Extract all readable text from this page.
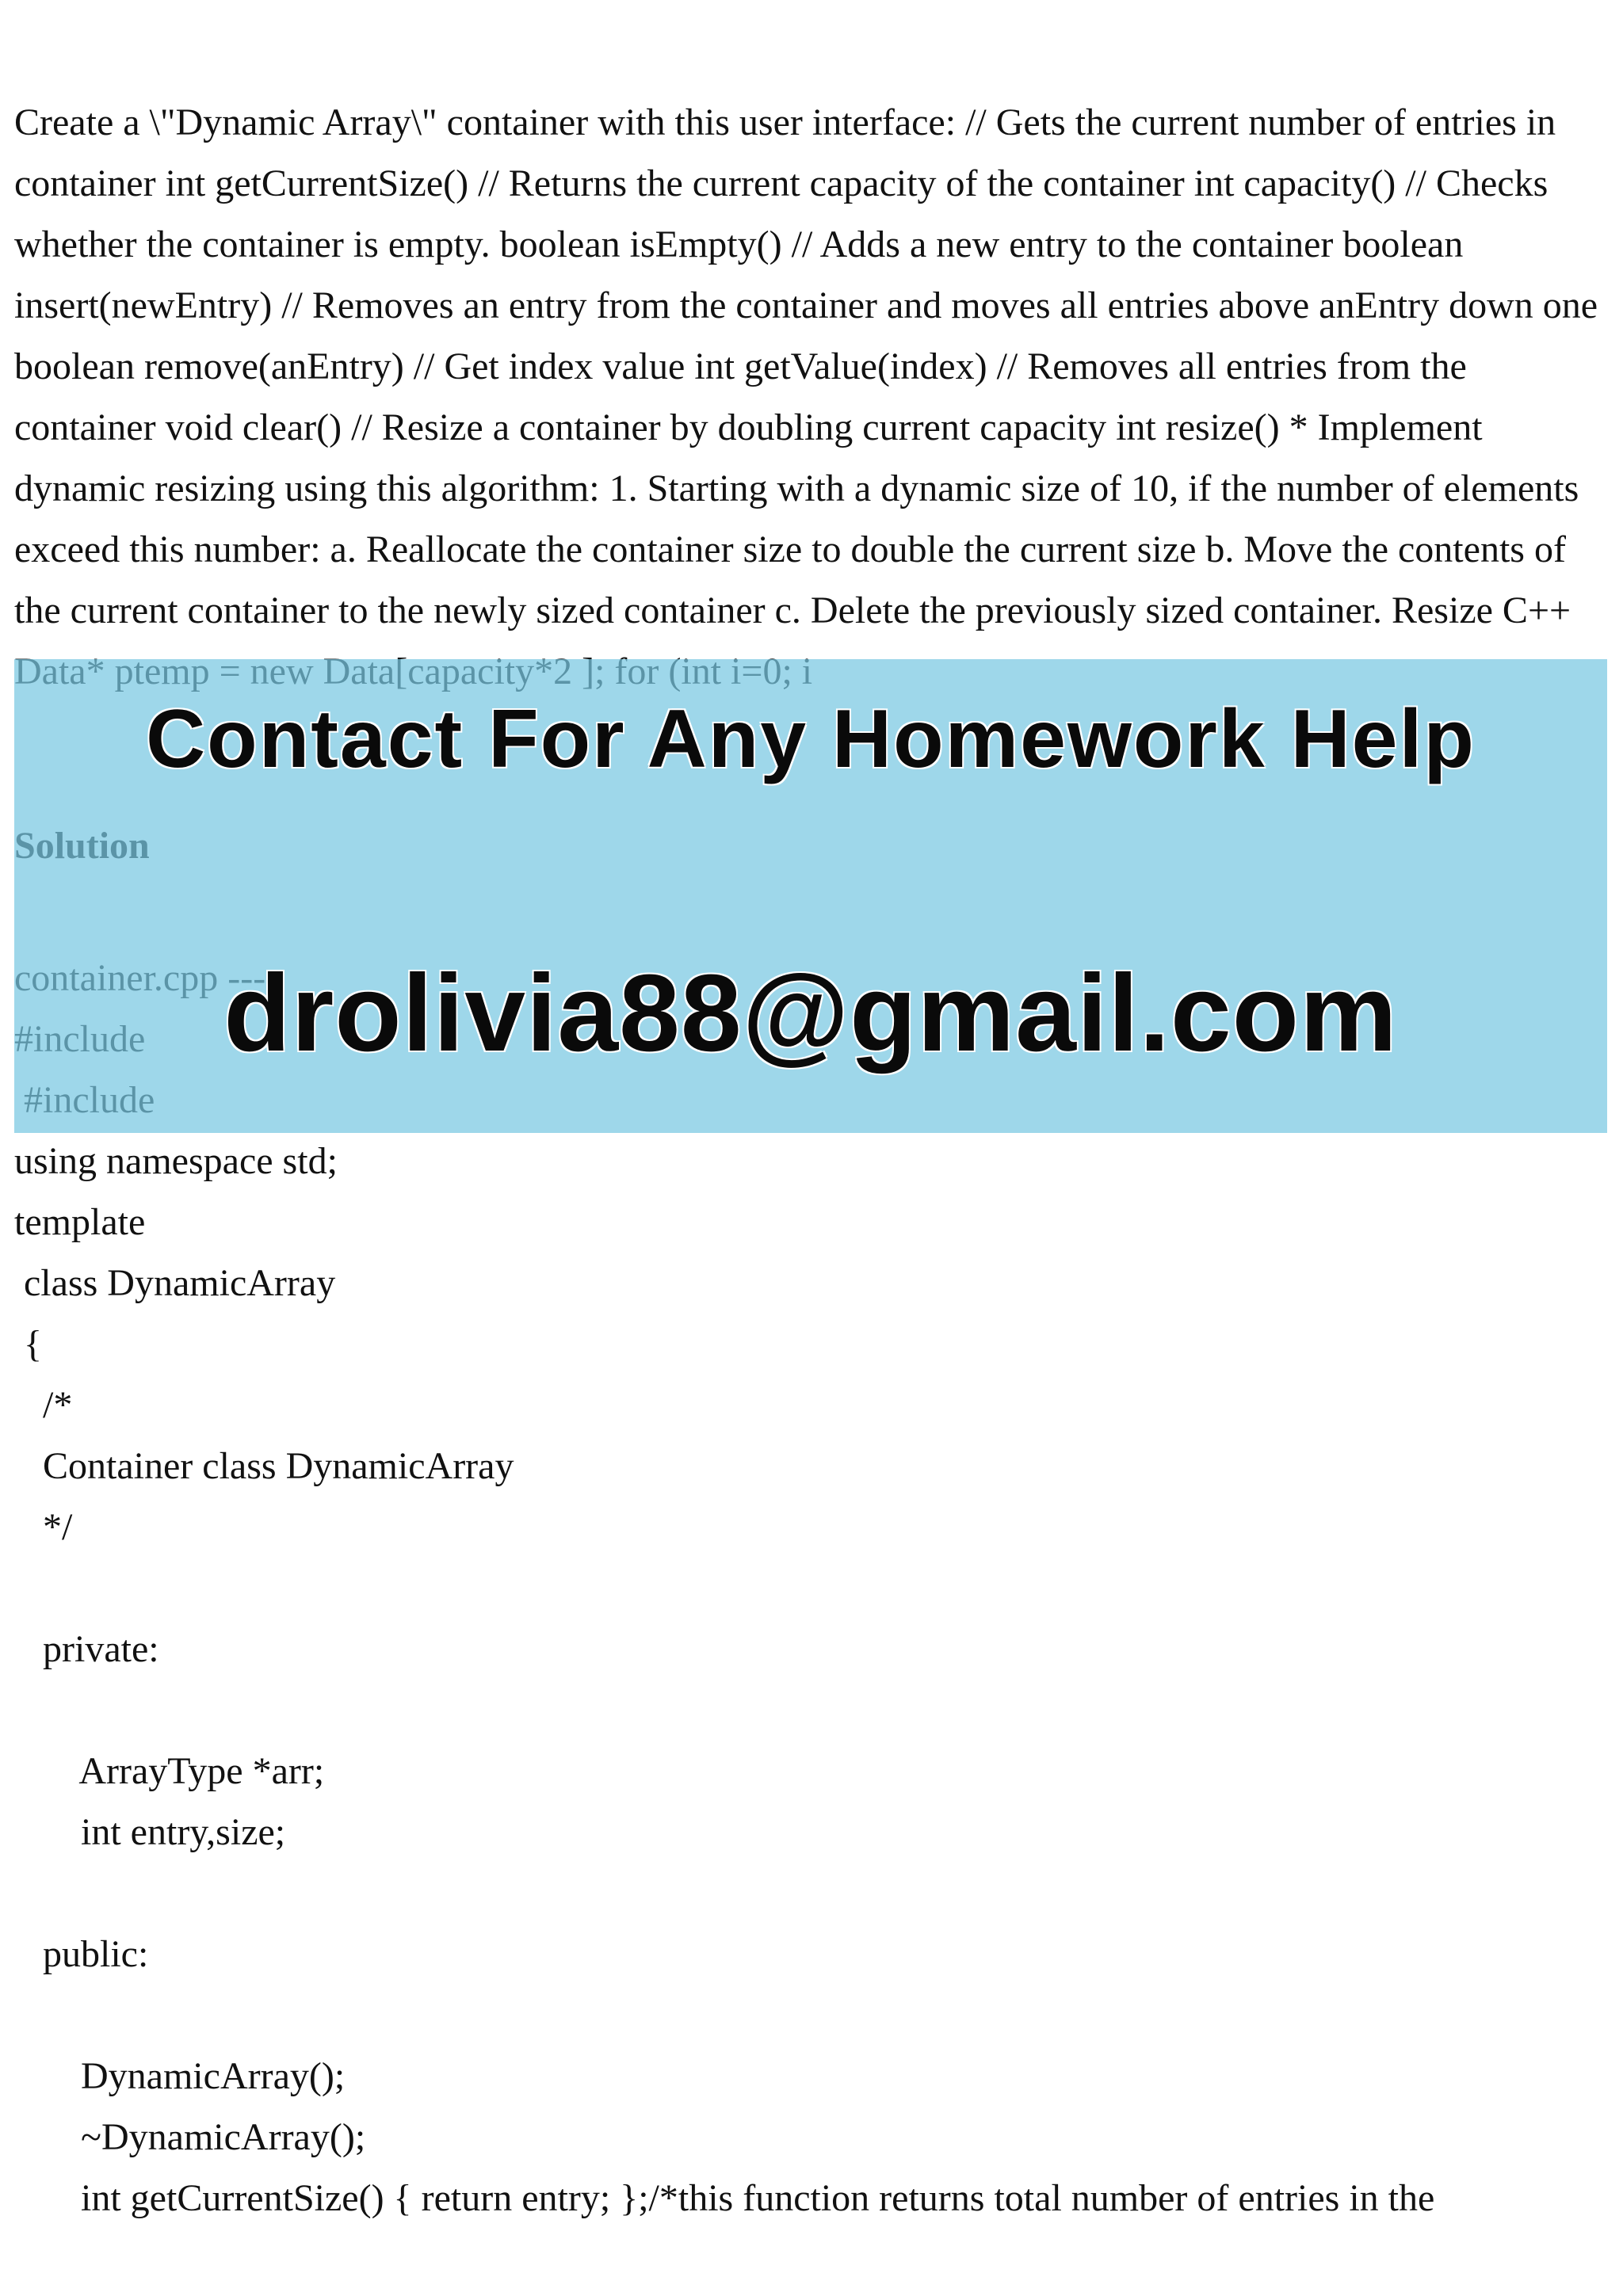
Create a \"Dynamic Array\" container with this user interface: // Gets the current number of entries in container int getCurrentSize() // Returns the current capacity of the container int capacity() // Checks whether the container is empty. boolean isEmpty() // Adds a new entry to the container boolean insert(newEntry) // Removes an entry from the container and moves all entries above anEntry down one boolean remove(anEntry) // Get index value int getValue(index) // Removes all entries from the container void clear() // Resize a container by doubling current capacity int resize() * Implement dynamic resizing using this algorithm: 1. Starting with a dynamic size of 10, if the number of elements exceed this number: a. Reallocate the container size to double the current size b. Move the contents of the current container to the newly sized container c. Delete the previously sized container. Resize C++

using namespace std;
template
class DynamicArray
{
/*
Container class DynamicArray
*/

private:

ArrayType *arr;
int entry,size;

public:

DynamicArray();
~DynamicArray();
int getCurrentSize() { return entry; };/*this function returns total number of entries in the
Contact For Any Homework Help
drolivia88@gmail.com
